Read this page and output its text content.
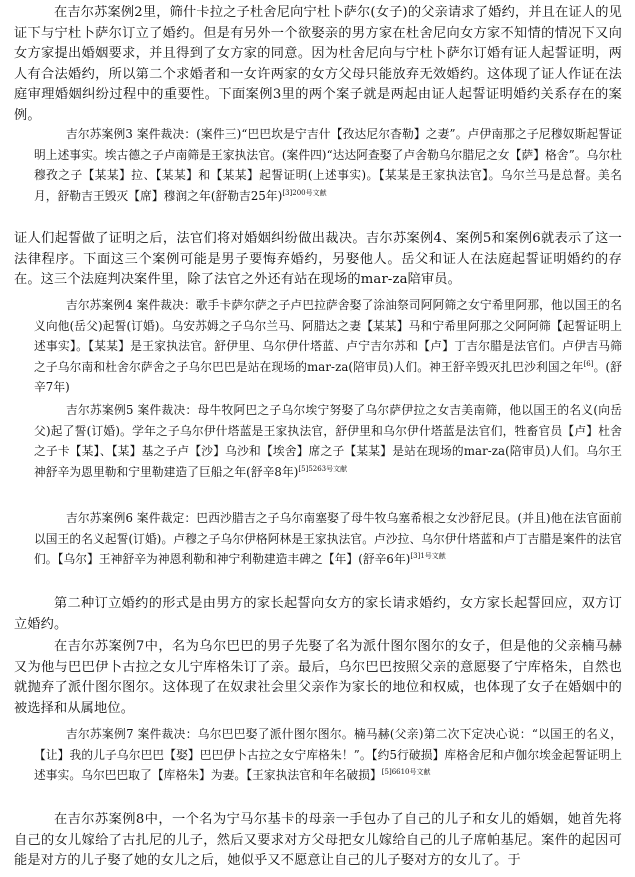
在吉尔苏案例2里，筛什卡拉之子杜舍尼向宁杜卜萨尔(女子)的父亲请求了婚约，并且在证人的见证下与宁杜卜萨尔订立了婚约。但是有另外一个欲娶亲的男方家在杜舍尼向女方家不知情的情况下又向女方家提出婚姻要求，并且得到了女方家的同意。因为杜舍尼向与宁杜卜萨尔订婚有证人起誓证明，两人有合法婚约，所以第二个求婚者和一女许两家的女方父母只能放弃无效婚约。这体现了证人作证在法庭审理婚姻纠纷过程中的重要性。下面案例3里的两个案子就是两起由证人起誓证明婚约关系存在的案例。

吉尔苏案例3 案件裁决：(案件三)“巴巴坎是宁吉什【孜达尼尔杳勒】之妻”。卢伊南那之子尼穆奴斯起誓证明上述事实。埃古德之子卢南筛是王家执法官。(案件四)“达达阿查娶了卢舍勒乌尔腊尼之女【萨】格舍”。乌尔杜穆孜之子【某某】拉、【某某】和【某某】起誓证明(上述事实)。【某某是王家执法官】。乌尔兰马是总督。美名月，舒勒吉王毁灭【席】穆润之年(舒勒吉25年)$^{[3]200号文献}$

证人们起誓做了证明之后，法官们将对婚姻纠纷做出裁决。吉尔苏案例4、案例5和案例6就表示了这一法律程序。下面这三个案例可能是男子要悔弃婚约，另娶他人。岳父和证人在法庭起誓证明婚约的存在。这三个法庭判决案件里，除了法官之外还有站在现场的mar-za陪审员。

吉尔苏案例4 案件裁决：歌手卡萨尔萨之子卢巴拉萨舍娶了涂油祭司阿阿筛之女宁希里阿那，他以国王的名义向他(岳父)起誓(订婚)。乌安苏姆之子乌尔兰马、阿腊达之妻【某某】马和宁希里阿那之父阿阿筛【起誓证明上述事实】。【某某】是王家执法官。舒伊里、乌尔伊什塔蓝、卢宁吉尔苏和【卢】丁吉尔腊是法官们。卢伊吉马筛之子乌尔南和杜舍尔萨舍之子乌尔巴巴是站在现场的mar-za(陪审员)人们。神王舒辛毁灭扎巴沙利国之年[6]。(舒辛7年)

吉尔苏案例5 案件裁决：母牛牧阿巴之子乌尔埃宁努娶了乌尔萨伊拉之女吉美南筛，他以国王的名义(向岳父)起了誓(订婚)。学年之子乌尔伊什塔蓝是王家执法官，舒伊里和乌尔伊什塔蓝是法官们，牲畜官员【卢】杜舍之子卡【某】、【某】基之子卢【沙】乌沙和【埃舍】席之子【某某】是站在现场的mar-za(陪审员)人们。乌尔王神舒辛为恩里勒和宁里勒建造了巨船之年(舒辛8年)$^{[5]5263号文献}$

吉尔苏案例6 案件裁定：巴西沙腊吉之子乌尔南塞娶了母牛牧乌塞希根之女沙舒尼艮。(并且)他在法官面前以国王的名义起誓(订婚)。卢穆之子乌尔伊格阿林是王家执法官。卢沙拉、乌尔伊什塔蓝和卢丁吉腊是案件的法官们。【乌尔】王神舒辛为神恩利勒和神宁利勒建造丰碑之【年】(舒辛6年)$^{[3]1号文献}$

第二种订立婚约的形式是由男方的家长起誓向女方的家长请求婚约，女方家长起誓回应，双方订立婚约。

在吉尔苏案例7中，名为乌尔巴巴的男子先娶了名为派什图尔图尔的女子，但是他的父亲楠马赫又为他与巴巴伊卜古拉之女儿宁库格朱订了亲。最后，乌尔巴巴按照父亲的意愿娶了宁库格朱，自然也就抛弃了派什图尔图尔。这体现了在奴隶社会里父亲作为家长的地位和权威，也体现了女子在婚姻中的被选择和从属地位。

吉尔苏案例7 案件裁决：乌尔巴巴娶了派什图尔图尔。楠马赫(父亲)第二次下定决心说：“以国王的名义，【让】我的儿子乌尔巴巴【娶】巴巴伊卜古拉之女宁库格朱！”。【约5行破损】库格舍尼和卢伽尔埃金起誓证明上述事实。乌尔巴巴取了【库格朱】为妻。【王家执法官和年名破损】$^{[5]6610号文献}$

在吉尔苏案例8中，一个名为宁马尔基卡的母亲一手包办了自己的儿子和女儿的婚姻，她首先将自己的女儿嫁给了古扎尼的儿子，然后又要求对方父母把女儿嫁给自己的儿子席帕基尼。案件的起因可能是对方的儿子娶了她的女儿之后，她似乎又不愿意让自己的儿子娶对方的女儿了。于
